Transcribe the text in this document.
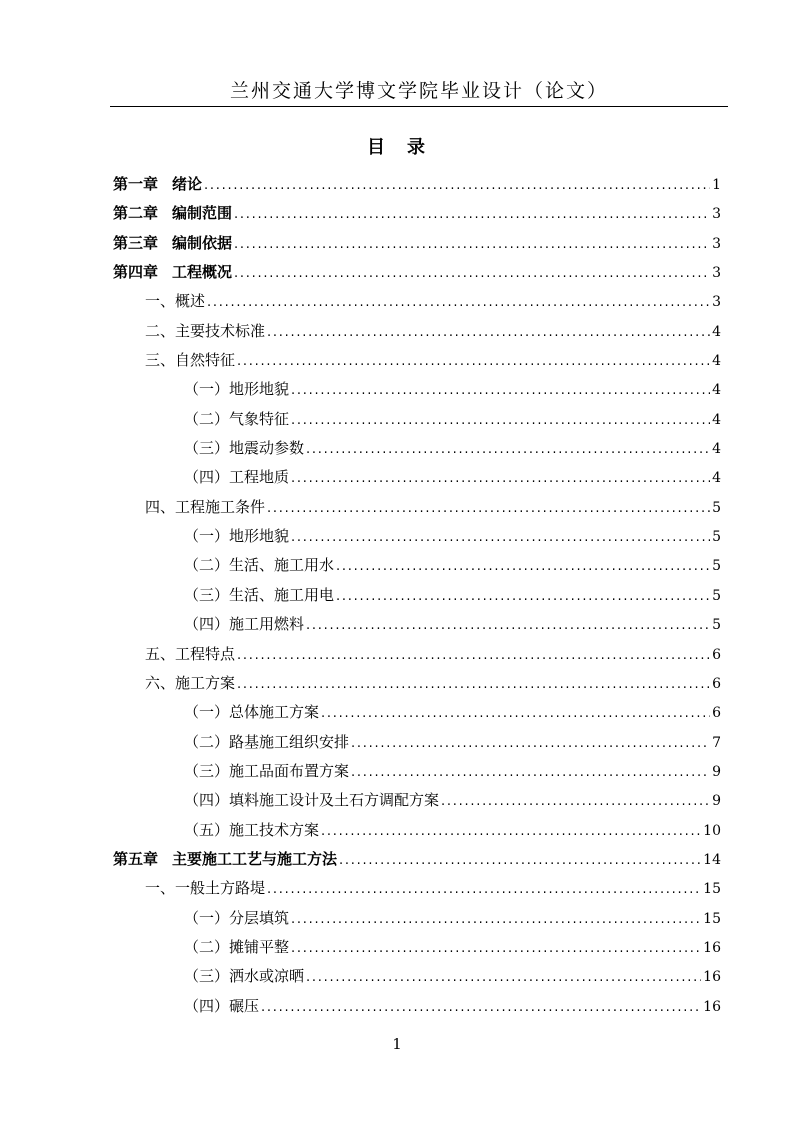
兰州交通大学博文学院毕业设计（论文）
目 录
第一章 绪论 . . .	1
第二章 编制范围 . . .	3
第三章 编制依据 . . .	3
第四章 工程概况 . . .	3
一、概述 . . .	3
二、主要技术标准 . . .	4
三、自然特征 . . .	4
（一）地形地貌 . . .	4
（二）气象特征 . . .	4
（三）地震动参数 . . .	4
（四）工程地质 . . .	4
四、工程施工条件 . . .	5
（一）地形地貌 . . .	5
（二）生活、施工用水 . . .	5
（三）生活、施工用电 . . .	5
（四）施工用燃料 . . .	5
五、工程特点 . . .	6
六、施工方案 . . .	6
（一）总体施工方案 . . .	6
（二）路基施工组织安排 . . .	7
（三）施工品面布置方案 . . .	9
（四）填料施工设计及土石方调配方案 . . .	9
（五）施工技术方案 . . .	10
第五章 主要施工工艺与施工方法 . . .	14
一、一般土方路堤 . . .	15
（一）分层填筑 . . .	15
（二）摊铺平整 . . .	16
（三）洒水或凉晒 . . .	16
（四）碾压 . . .	16
1
